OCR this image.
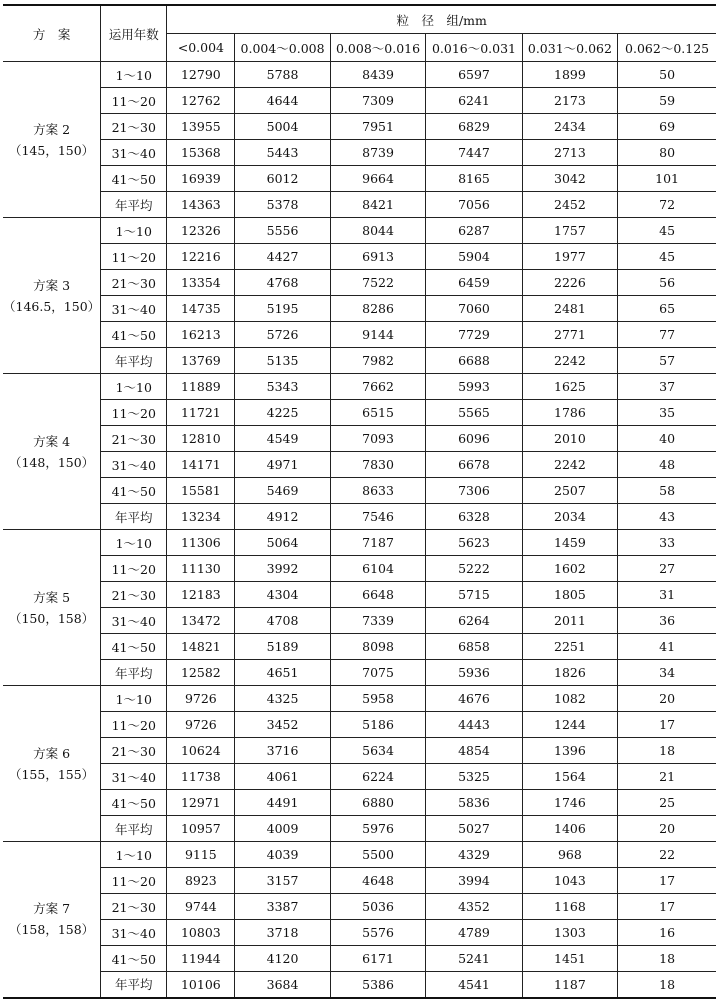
方　案	运用年数	粒　径　组/mm					
		<0.004	0.004～0.008	0.008～0.016	0.016～0.031	0.031～0.062	0.062～0.125

方案 2
（145，150）	1～10	12790	5788	8439	6597	1899	50
	11～20	12762	4644	7309	6241	2173	59
	21～30	13955	5004	7951	6829	2434	69
	31～40	15368	5443	8739	7447	2713	80
	41～50	16939	6012	9664	8165	3042	101
	年平均	14363	5378	8421	7056	2452	72

方案 3
（146.5，150）	1～10	12326	5556	8044	6287	1757	45
	11～20	12216	4427	6913	5904	1977	45
	21～30	13354	4768	7522	6459	2226	56
	31～40	14735	5195	8286	7060	2481	65
	41～50	16213	5726	9144	7729	2771	77
	年平均	13769	5135	7982	6688	2242	57

方案 4
（148，150）	1～10	11889	5343	7662	5993	1625	37
	11～20	11721	4225	6515	5565	1786	35
	21～30	12810	4549	7093	6096	2010	40
	31～40	14171	4971	7830	6678	2242	48
	41～50	15581	5469	8633	7306	2507	58
	年平均	13234	4912	7546	6328	2034	43

方案 5
（150，158）	1～10	11306	5064	7187	5623	1459	33
	11～20	11130	3992	6104	5222	1602	27
	21～30	12183	4304	6648	5715	1805	31
	31～40	13472	4708	7339	6264	2011	36
	41～50	14821	5189	8098	6858	2251	41
	年平均	12582	4651	7075	5936	1826	34

方案 6
（155，155）	1～10	9726	4325	5958	4676	1082	20
	11～20	9726	3452	5186	4443	1244	17
	21～30	10624	3716	5634	4854	1396	18
	31～40	11738	4061	6224	5325	1564	21
	41～50	12971	4491	6880	5836	1746	25
	年平均	10957	4009	5976	5027	1406	20

方案 7
（158，158）	1～10	9115	4039	5500	4329	968	22
	11～20	8923	3157	4648	3994	1043	17
	21～30	9744	3387	5036	4352	1168	17
	31～40	10803	3718	5576	4789	1303	16
	41～50	11944	4120	6171	5241	1451	18
	年平均	10106	3684	5386	4541	1187	18
